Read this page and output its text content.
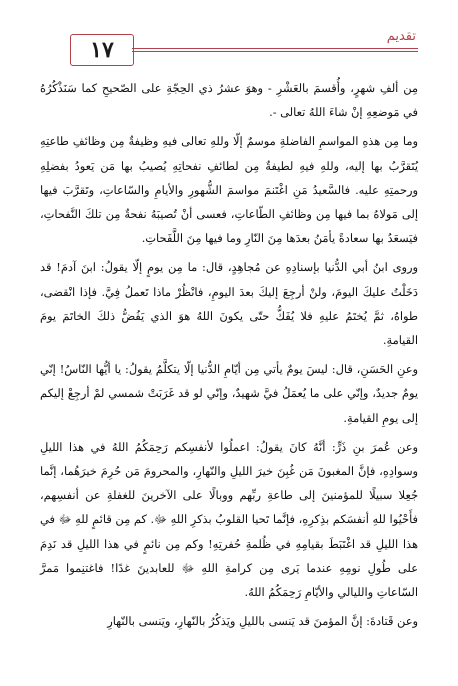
١٧
تقديم

مِن ألفِ شهرٍ، وأُقسمَ بالعَشْرِ - وهوَ عشرُ ذي الحِجّةِ على الصّحيحِ كما سَنَذْكُرُهُ في مَوضعِهِ إنْ شاءَ اللهُ تعالى -.

وما مِن هذهِ المواسمِ الفاضلةِ موسمٌ إلّا وللهِ تعالى فيهِ وظيفةٌ مِن وظائفِ طاعتِهِ يُتَقرَّبُ بها إليه، وللهِ فيهِ لطيفةٌ مِن لطائفِ نفحاتِهِ يُصيبُ بها مَن يَعودُ بفضلِهِ ورحمتِهِ عليه. فالسَّعيدُ مَنِ اغْتَنمَ مواسمَ الشُّهورِ والأيامِ والسّاعاتِ، وتَقرَّبَ فيها إلى مَولاهُ بما فيها مِن وظائفِ الطّاعاتِ، فعسى أنْ تُصيبَهُ نفحةٌ مِن تلكَ النَّفحاتِ، فيَسعَدُ بها سعادةً يأمَنُ بعدَها مِنَ النّارِ وما فيها مِنَ اللَّفَحاتِ.

وروى ابنُ أبي الدُّنيا بإسنادِهِ عن مُجاهِدٍ، قال: ما مِن يومٍ إلّا يقولُ: ابنَ آدمَ! قد دَخَلْتُ عليكَ اليومَ، ولنْ أرجِعَ إليكَ بعدَ اليومِ، فانْظُرْ ماذا تَعملُ فِيَّ. فإذا انْقضى، طواهُ، ثمَّ يُختَمُ عليهِ فلا يُفَكُّ حتّى يكونَ اللهُ هوَ الذي يَفُضُّ ذلكَ الخاتَمَ يومَ القيامةِ.

وعنِ الحَسَنِ، قال: ليسَ يومٌ يأتي مِن أيّامِ الدُّنيا إلّا يتكلَّمُ يقولُ: يا أيُّها النّاسُ! إنّي يومٌ جديدٌ، وإنّي على ما يُعمَلُ فيَّ شهيدٌ، وإنّي لو قد غَرَبَتْ شمسي لمْ أرجِعْ إليكم إلى يومِ القيامةِ.

وعن عُمرَ بنِ ذَرٍّ: أنَّهُ كانَ يقولُ: اعملُوا لأنفسِكم رَحِمَكُمُ اللهُ في هذا الليلِ وسوادِهِ، فإنَّ المغبونَ مَن غُبِنَ خيرَ الليلِ والنّهارِ، والمحرومَ مَن حُرِمَ خيرَهُما، إنَّما جُعِلا سبيلًا للمؤمنينَ إلى طاعةِ ربِّهم ووبالًا على الآخرينَ للغفلةِ عن أنفسِهم، فأَحْيُوا للهِ أنفسَكم بذِكرِهِ، فإنَّما تَحيا القلوبُ بذكرِ اللهِ ﷻ. كم مِن قائمٍ للهِ ﷻ في هذا الليلِ قد اغْتَبَطَ بقيامِهِ في ظُلمةِ حُفرتِهِ! وكم مِن نائمٍ في هذا الليلِ قد نَدِمَ على طُولِ نومِهِ عندما يَرى مِن كرامةِ اللهِ ﷻ للعابدينَ غدًا! فاغتنِموا مَمرَّ السّاعاتِ والليالي والأيّامِ رَحِمَكُمُ اللهُ.

وعن قَتادةَ: إنَّ المؤمنَ قد يَنسى بالليلِ ويَذكُرُ بالنّهارِ، ويَنسى بالنّهارِ
